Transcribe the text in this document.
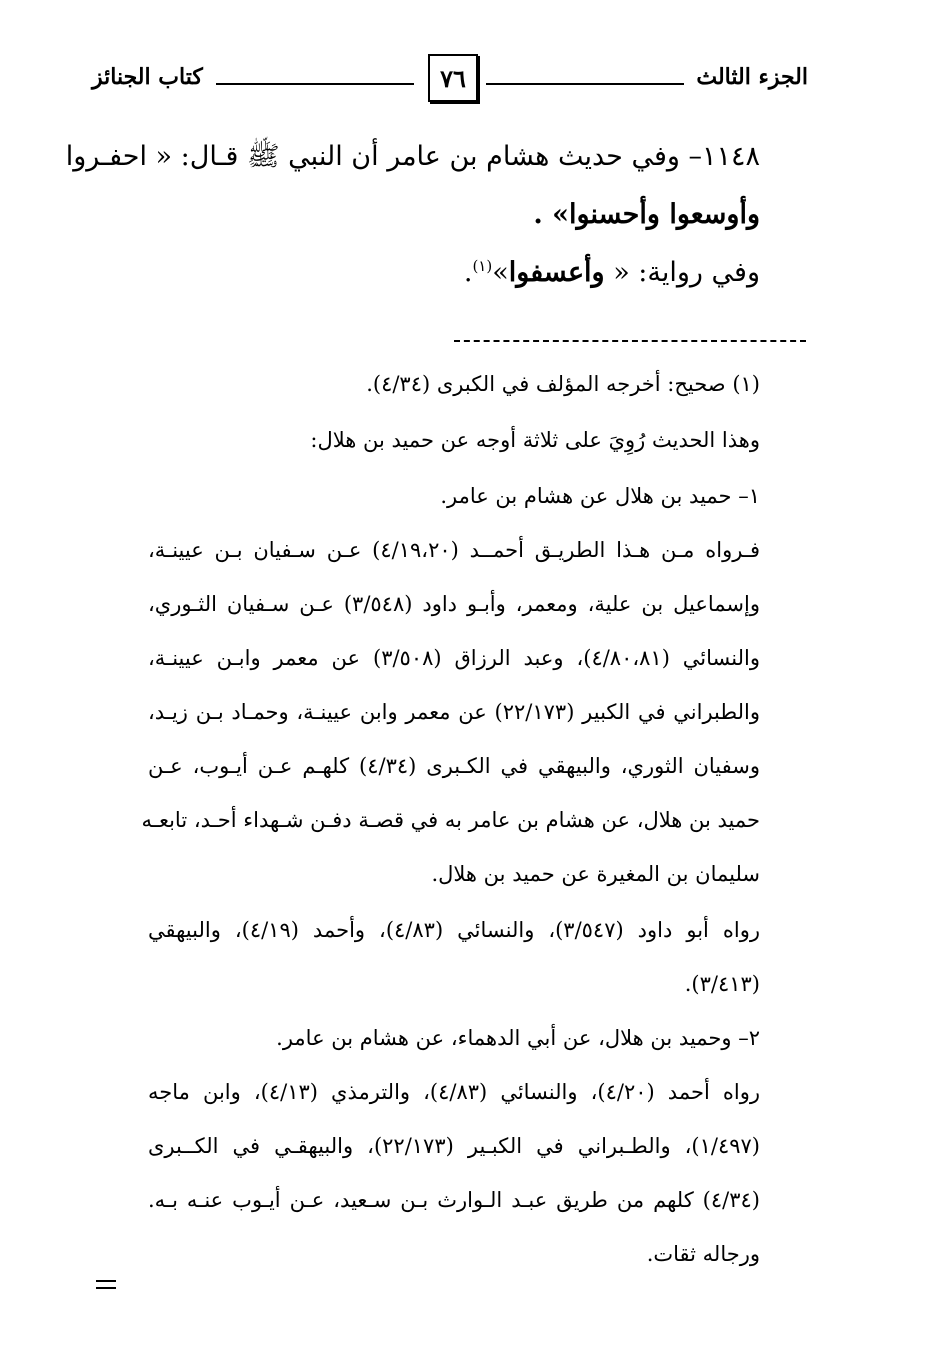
الجزء الثالث
٧٦
كتاب الجنائز

١١٤٨– وفي حديث هشام بن عامر أن النبي ﷺ قـال: « احفـروا

وأوسعوا وأحسنوا» .

وفي رواية: « وأعسفوا»$^{(١)}$.

(١) صحيح: أخرجه المؤلف في الكبرى (٤/٣٤).
وهذا الحديث رُوِيَ على ثلاثة أوجه عن حميد بن هلال:
١– حميد بن هلال عن هشام بن عامر.
فـرواه مـن هـذا الطريـق أحمــد (٤/١٩،٢٠) عـن سـفيان بـن عيينـة،
وإسماعيل بن علية، ومعمر، وأبـو داود (٣/٥٤٨) عـن سـفيان الثـوري،
والنسائي (٤/٨٠،٨١)، وعبد الرزاق (٣/٥٠٨) عن معمر وابـن عيينـة،
والطبراني في الكبير (٢٢/١٧٣) عن معمر وابن عيينـة، وحمـاد بـن زيـد،
وسفيان الثوري، والبيهقي في الكـبرى (٤/٣٤) كلهـم عـن أيـوب، عـن
حميد بن هلال، عن هشام بن عامر به في قصـة دفـن شـهداء أحـد، تابعـه
سليمان بن المغيرة عن حميد بن هلال.
رواه أبو داود (٣/٥٤٧)، والنسائي (٤/٨٣)، وأحمد (٤/١٩)، والبيهقي
(٣/٤١٣).
٢– وحميد بن هلال، عن أبي الدهماء، عن هشام بن عامر.
رواه أحمد (٤/٢٠)، والنسائي (٤/٨٣)، والترمذي (٤/١٣)، وابن ماجه
(١/٤٩٧)، والطـبراني في الكبـير (٢٢/١٧٣)، والبيهقـي في الكــبرى
(٤/٣٤) كلهم من طريق عبـد الـوارث بـن سـعيد، عـن أيـوب عنـه بـه.
ورجاله ثقات.
